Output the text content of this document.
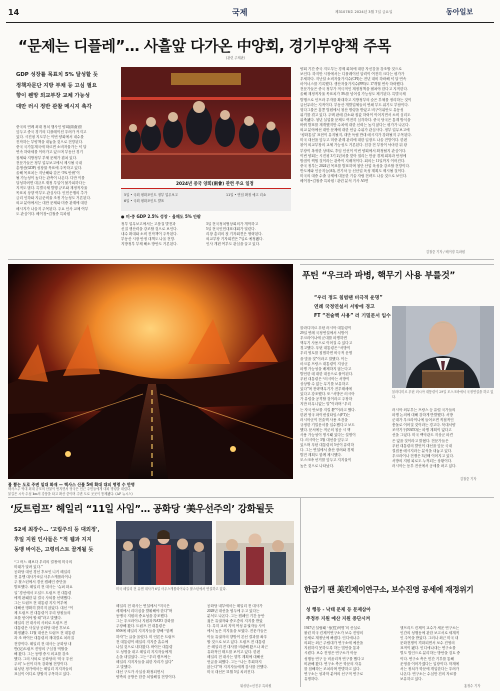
14	국제	제31078호 2024년 3월 7일 금요일	동아일보
“문제는 디플레”… 사흘앞 다가온 中양회, 경기부양책 주목
(관련 주제판)
GDP 성장률 목표치 5% 달성할 듯
정책자문단 지방 부채 등 고심 필요
향이 웬망 외교부장 교체 가능성
대만 러시 정반 관찰 메시지 촉각
중국의 연례 최대 정치 행사인 양회(兩會)를
앞두고 중국 경기의 디플레이션 우려가 커지고
있다. 시진핑 지도부는 이번 양회에서 내수를
진작하는 부양책을 내놓을 것으로 전망된다.
중국 국가통계국에 따르면 소비자물가는 넉 달
연속 하락세를 이어가고 있으며 부동산 경기
침체와 지방정부 부채 문제가 겹쳐 있다.
전문가들은 정부 업무보고에서 제시될 국내
총생산(GDP) 성장률 목표에 주목하고 있다.
올해 목표치는 지난해와 같은 ‘5% 안팎’이
될 가능성이 높다는 관측이 나온다. 다만 이를
달성하려면 대규모 재정 투입이 불가피하다는
지적도 많다. 특별국채 발행 규모와 재정적자율
목표치 상향 여부도 관심사다. 인민은행의 추가
금리 인하와 지급준비율 조정 가능성도 거론된다.
외교 분야에서는 대만 문제와 미중 관계에 대한
메시지가 나올지 주목된다. 주요 인사 교체 여부
도 관심이다. 베이징=김철중 특파원
2024년 중국 양회(兩會) 관련 주요 일정
5일 • 국회 평화포인트 정부 업무보고
6일 • 국회 평화포인트 발표
11일 • 연임 확정 예고 리쇼
● 미·중 GDP 2.5% 성장 · 올해도 5% 안팎
정부 업무보고에서는 고품질 발전과
신질 생산력을 강조할 것으로 보인다.
내수 확대와 소비 진작책이 주목된다.
부동산 시장 안정 대책도 나올 전망.
지방정부 부채 해소 방안도 거론된다.
3일 전국정치협상회의가 개막하고
5일 전국인민대표대회가 열린다.
리창 총리의 첫 기자회견은 생략된다.
외교부장 기자회견은 7일로 예정됐다.
인사 개편 여부도 관심을 끌고 있다.
양회 기간 중국 지도부는 경제 회복에 대한 자신감을 강조할 것으로
보인다. 하지만 시장에서는 디플레이션 압력이 여전히 크다는 평가가
우세하다. 지난달 소비자물가지수(CPI)는 전년 대비 하락해 넉 달 연속
마이너스를 기록했다. 생산자물가지수(PPI)도 17개월 연속 하락했다.
전문가들은 중국 정부가 적극적인 재정정책을 펼쳐야 한다고 지적한다.
올해 재정적자율 목표치가 3%를 넘어설 가능성도 제기된다. 특별국채
발행으로 인프라 투자를 확대하고 지방정부의 숨은 부채를 정리하는 것이
급선무라는 지적이다. 부동산 개발업체들의 연쇄 부도 위기도 부담이다.
헝다그룹은 홍콩 법원에서 청산 명령을 받았고 비구이위안도 유동성
위기를 겪고 있다. 주택 판매 감소와 집값 하락이 이어지면서 소비 심리도
위축됐다. 청년 실업률 문제도 여전히 심각하다. 중국 당국은 통계 방식을
바꿔 발표를 재개했지만 수치에 대한 신뢰는 높지 않다는 평가가 나온다.
외교 분야에선 대만 문제에 대한 언급 수위가 관심사다. 정부 업무보고에
‘평화통일’ 표현이 유지될지, 대만 독립 반대 메시지가 강화될지 주목된다.
미국 대선을 앞두고 미중 관계 관리에 대한 입장도 나올 전망이다. 한편
왕이 외교부장의 교체 가능성도 거론된다. 친강 전 부장이 낙마한 뒤 왕
부장이 복귀한 상태로, 후임 인선이 이번 양회에서 확정될지 관심이다.
이번 양회는 시진핑 3기 2년차를 맞아 열리는 만큼 경제 회복과 안정에
방점이 찍힐 것이라는 관측이 지배적이다. 회의는 11일까지 이어진다.
중국 정부는 2024년 목표를 발표하며 첨단 산업 육성을 강조할 전망이다.
반도체와 인공지능(AI), 전기차 등 신산업 육성 계획도 제시될 것이다.
미국의 대중 수출 규제에 대응한 기술 자립 전략도 나올 것으로 보인다.
베이징=김철중 특파원 / 관련 분석 기사 A5면
김철중 기자 / 베이징 특파원
불 뿜는 도로 주변 일대 화재 — 텍사스 산불 5배 확대 대피 명령 수 만명
텍사스주 역대 최대 규모의 산불이 번지면서 당국은 인근 주민들에게 대피 명령을 내렸다.
불길은 시속 수십 km의 강풍을 타고 확산 중이며 주변 도로 곳곳이 통제됐다. (AP 뉴시스)
푸틴 “우크라 파병, 핵무기 사용 부를것”
“우리 정도 침범땐 비극적 운명”
연례 국정연설서 서방에 경고
FT “전술핵 사용” 러 기밀문서 입수
블라디미르 푸틴 러시아 대통령이
29일 연례 국정연설에서 서방이
우크라이나에 군대를 파병하면
핵무기 사용으로 이어질 수 있다고
경고했다. 푸틴 대통령은 “서방이
우리 영토를 침범하면 비극적 운명
을 맞을 것”이라고 말했다. 이는
마크롱 프랑스 대통령이 지상군
파병 가능성을 배제하지 않는다고
발언한 데 대한 대응으로 풀이된다.
푸틴 대통령은 “러시아는 서방이
상상할 수 없는 무기를 보유하고
있다”며 전략핵무기가 전투태세에
있다고 강조했다. 또 “서방은 러시아
가 유럽을 공격할 것이라고 주장하
지만 터무니없는 말”이라며 “우리
는 자국 안보를 지킬 뿐”이라고 했다.
한편 영국 파이낸셜타임스(FT)는
러시아군이 전술핵 사용 조건을
규정한 기밀문서를 입수했다고 보도
했다. 문서에는 적군의 침공 시 핵
사용 가능성이 명시돼 있다는 설명이
다. 러시아는 3월 대선을 앞두고
있으며 푸틴 대통령의 5선이 유력하
다. 그는 연설에서 출산 장려와 경제
발전 계획도 함께 제시했다.
모스크바 선거를 앞두고 지지율이
높은 것으로 나타났다.
블라디미르 푸틴 러시아 대통령이 29일 모스크바에서 국정연설을 하고 있다.
러시아 외무부는 프랑스 등 유럽 국가들의
파병 논의에 대해 강하게 반발했다. 서방
군대가 우크라이나에 들어오면 직접적인
충돌로 이어질 것이라는 경고다. 북대서양
조약기구(NATO)는 파병 계획이 없다고
선을 그었다. 미국 백악관도 지상군 파견
은 없을 것이라고 밝혔다. 전문가들은
푸틴 대통령의 발언이 대선을 앞둔 국내
결집용 메시지라는 분석을 내놓고 있다.
우크라이나 전쟁은 3년째 이어지고 있다.
서방의 지원 피로도 누적되는 상황이다.
러시아는 동부 전선에서 공세를 펴고 있다.
김철중 기자
‘反트럼프’ 헤일리 “11일 사임”… 공화당 ‘美우선주의’ 강화될듯
S2세 최장수… ‘고립주의 등 대외정',
후일 지원 인사들은 “적 웹과 지지
동맹 바이든, 고령리스트 끌게될 듯
“그 어느 때보다 우리의 결정에 미국의
미래가 달려 있다.”
공화당 대선 경선 후보인 니키 헤일리
전 유엔 대사가 6일 사우스캐롤라이나
주 찰스턴에서 경선 캠페인 중단을
발표했다. 헤일리 전 대사는 ‘슈퍼 화요
일’ 경선에서 도널드 트럼프 전 대통령
에게 완패한 뒤 결국 사퇴를 선택했다.
그는 트럼프 전 대통령 지지 여부에
대해선 명확히 밝히지 않았다. 대신 “이
제 트럼프 전 대통령이 우리 당원들의
표를 얻어야 할 때”라고 말했다.
헤일리 전 대사의 사퇴로 트럼프 전
대통령은 사실상 공화당 대선 후보로
확정됐다. 11월 대선은 트럼프 전 대통령
과 조 바이든 대통령의 재대결로 치러질
전망이다. 헤일리 전 대사는 공화당 내
반(反)트럼프 진영의 구심점 역할을
해 왔다. 그는 동맹 중시 외교를 강조
했다. 그의 사퇴로 공화당의 ‘미국 우선
주의’ 노선이 더욱 강화될 전망이다.
워싱턴 정가에서는 헤일리 지지자들의
표심이 어디로 향할지 주목하고 있다.
미국 헤일리 전 유엔 대사가 6일 사우스캐롤라이나주 찰스턴에서 연설하고 있다.
헤일리 전 대사는 연설에서 “미국은
세계에서 리더십을 발휘해야 한다”며
동맹국 지원의 중요성을 강조했다.
그는 우크라이나 지원과 NATO 강화를
주장해 왔다. 트럼프 전 대통령은
SNS에 헤일리 지지자들을 향해 “함께
하자”는 글을 올렸다. 미 언론은 트럼프
전 대통령이 헤일리 지지층 흡수에
나설 것으로 내다봤다. 바이든 대통령
도 성명을 내고 헤일리 지지자들에게
손을 내밀었다. 그는 “우리 캠프에는
헤일리 지지자들을 위한 자리가 있다”
고 말했다.
대선 구도가 사실상 확정되면서
양측의 공방은 한층 치열해질 전망이다.
공화당 내부에서는 헤일리 전 대사가
2028년 대선을 염두에 두고 있다는
분석도 나온다. 그는 캠페인 기간 동안
젊은 유권자와 중도층의 지지를 받았
다. 특히 교외 지역 여성 유권자들 사이
에서 높은 지지율을 보였다. 전문가들은
이들 유권자의 향방이 본선 결과를 좌우
할 것으로 보고 있다. 트럼프 전 대통령
은 헤일리 전 대사를 비판해 왔으나 최근
유화적인 태도를 보이고 있다. 한편
헤일리 전 대사는 향후 계획에 대해선
언급을 피했다. 그는 “나는 후회하지
않는다”며 지지자들에게 감사를 전했다.
미국 대선은 11월 5일 치러진다.
워싱턴=신진우 특파원
한급기 팬 美킨제이연구소, 보수진영 공세에 재정위기
성 행동 - 낙태 문제 등 문제삼아
주정부 지원 예산 지원 중단시켜
1947년 설립돼 ‘성(性)혁명’의 산실로
불린 미국 킨제이연구소가 보수 진영의
공세로 재정난에 빠졌다. 인디애나주
의회는 최근 주립대가 연구소에 예산을
지원하지 못하도록 하는 법안을 통과
시켰다. 보수 진영은 연구소가 아동
성행동 연구 등 비윤리적 연구를 했다고
비판해 왔다. 연구소 측은 학문의 자유
를 침해하는 조치라며 반발하고 있다.
연구소는 성과학 분야의 선구적 연구로
유명하다.
앨프리드 킨제이 교수가 세운 연구소는
인간의 성행동에 관한 보고서로 세계적
인 주목을 받았다. 그러나 최근 미국 내
문화전쟁이 격화되면서 보수 진영의
표적이 됐다. 인디애나대는 연구소를
별도 법인으로 분리하는 방안을 검토 중
이다. 연구소 측은 민간 기부를 통해
운영을 이어가겠다는 입장이다. 학계에
서는 정치가 학문에 개입한다는 우려가
나온다. 연구소는 수십만 건의 자료를
보유하고 있다.
홍정수 기자
